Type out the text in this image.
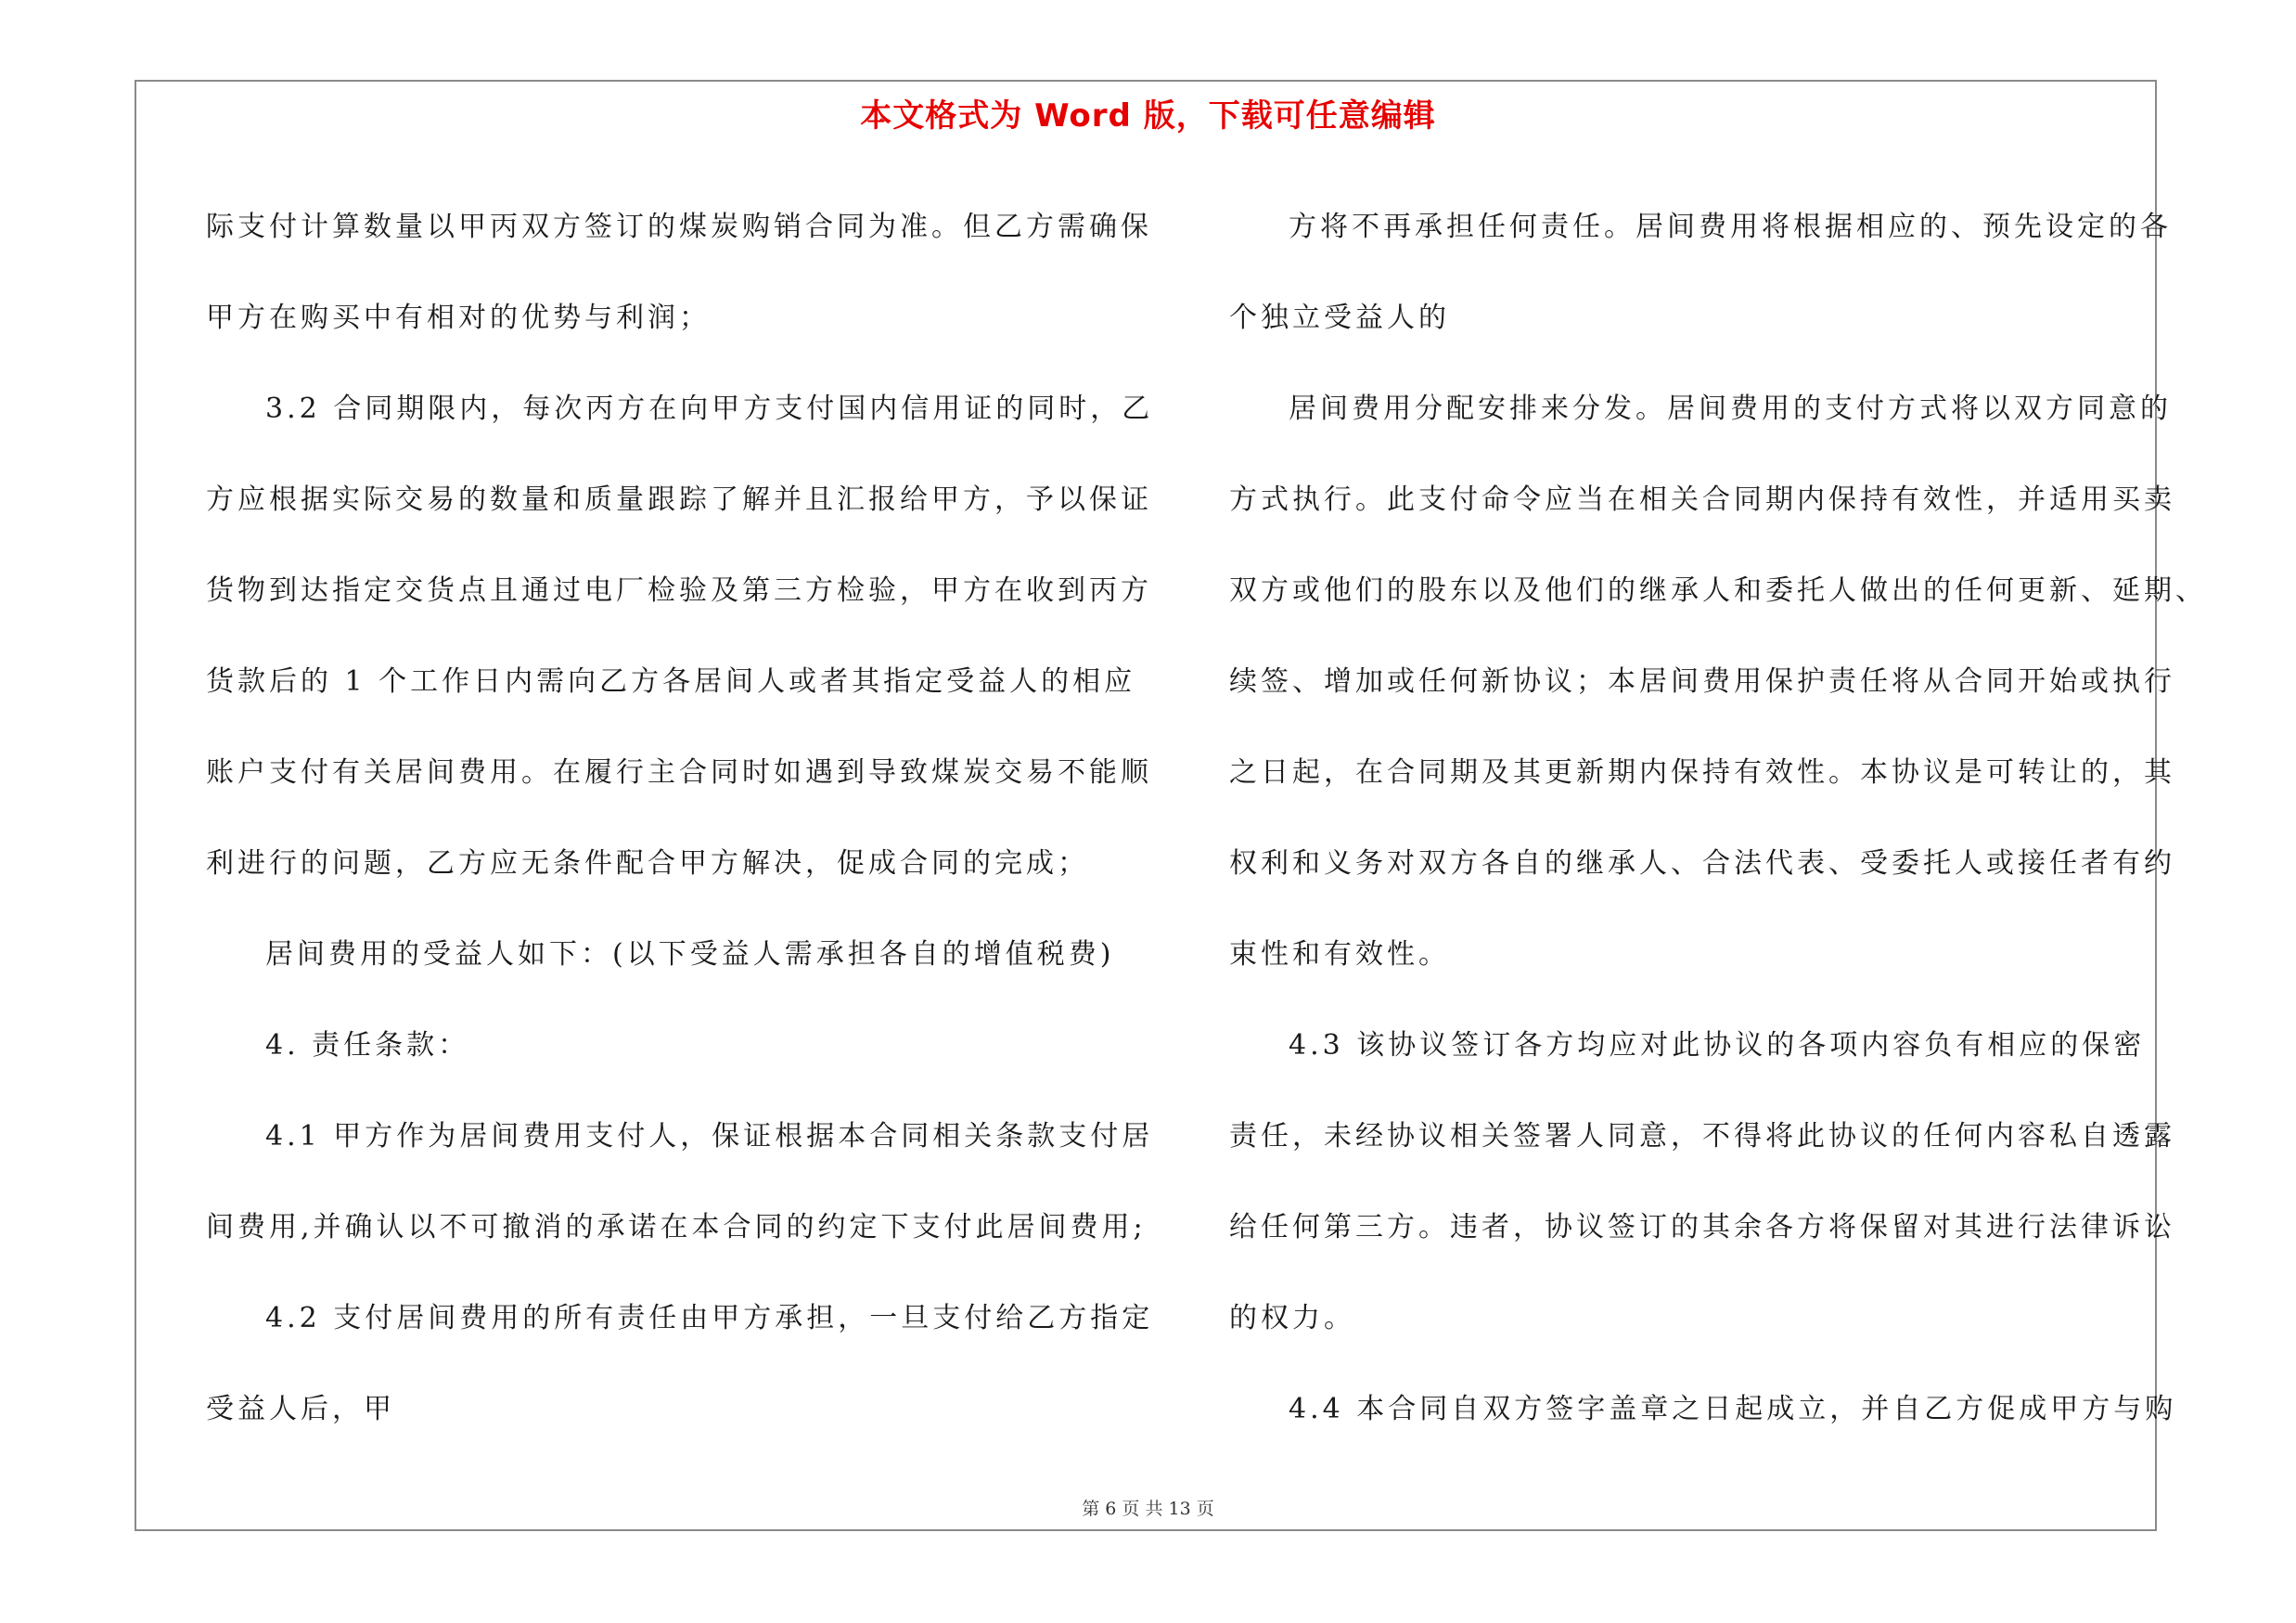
本文格式为 Word 版，下载可任意编辑
际支付计算数量以甲丙双方签订的煤炭购销合同为准。但乙方需确保
甲方在购买中有相对的优势与利润；
3.2 合同期限内，每次丙方在向甲方支付国内信用证的同时，乙
方应根据实际交易的数量和质量跟踪了解并且汇报给甲方，予以保证
货物到达指定交货点且通过电厂检验及第三方检验，甲方在收到丙方
货款后的 1 个工作日内需向乙方各居间人或者其指定受益人的相应
账户支付有关居间费用。在履行主合同时如遇到导致煤炭交易不能顺
利进行的问题，乙方应无条件配合甲方解决，促成合同的完成；
居间费用的受益人如下：(以下受益人需承担各自的增值税费)
4. 责任条款：
4.1 甲方作为居间费用支付人，保证根据本合同相关条款支付居
间费用,并确认以不可撤消的承诺在本合同的约定下支付此居间费用;
4.2 支付居间费用的所有责任由甲方承担，一旦支付给乙方指定
受益人后，甲
方将不再承担任何责任。居间费用将根据相应的、预先设定的各
个独立受益人的
居间费用分配安排来分发。居间费用的支付方式将以双方同意的
方式执行。此支付命令应当在相关合同期内保持有效性，并适用买卖
双方或他们的股东以及他们的继承人和委托人做出的任何更新、延期、
续签、增加或任何新协议；本居间费用保护责任将从合同开始或执行
之日起，在合同期及其更新期内保持有效性。本协议是可转让的，其
权利和义务对双方各自的继承人、合法代表、受委托人或接任者有约
束性和有效性。
4.3 该协议签订各方均应对此协议的各项内容负有相应的保密
责任，未经协议相关签署人同意，不得将此协议的任何内容私自透露
给任何第三方。违者，协议签订的其余各方将保留对其进行法律诉讼
的权力。
4.4 本合同自双方签字盖章之日起成立，并自乙方促成甲方与购
第 6 页 共 13 页
